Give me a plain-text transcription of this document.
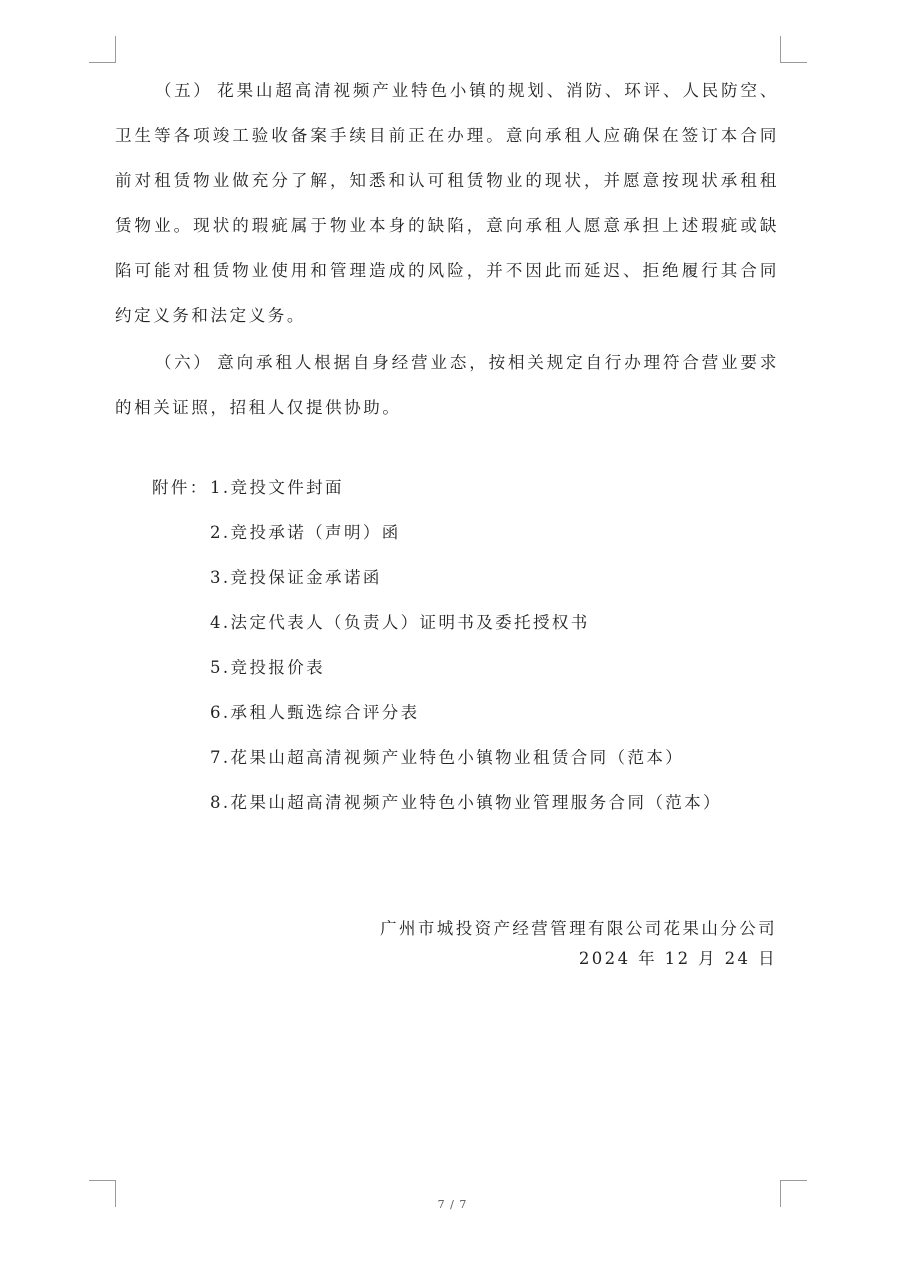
（五） 花果山超高清视频产业特色小镇的规划、消防、环评、人民防空、卫生等各项竣工验收备案手续目前正在办理。意向承租人应确保在签订本合同前对租赁物业做充分了解，知悉和认可租赁物业的现状，并愿意按现状承租租赁物业。现状的瑕疵属于物业本身的缺陷，意向承租人愿意承担上述瑕疵或缺陷可能对租赁物业使用和管理造成的风险，并不因此而延迟、拒绝履行其合同约定义务和法定义务。

（六） 意向承租人根据自身经营业态，按相关规定自行办理符合营业要求的相关证照，招租人仅提供协助。

附件：1.竞投文件封面
2.竞投承诺（声明）函
3.竞投保证金承诺函
4.法定代表人（负责人）证明书及委托授权书
5.竞投报价表
6.承租人甄选综合评分表
7.花果山超高清视频产业特色小镇物业租赁合同（范本）
8.花果山超高清视频产业特色小镇物业管理服务合同（范本）
广州市城投资产经营管理有限公司花果山分公司
2024 年 12 月 24 日
7 / 7
